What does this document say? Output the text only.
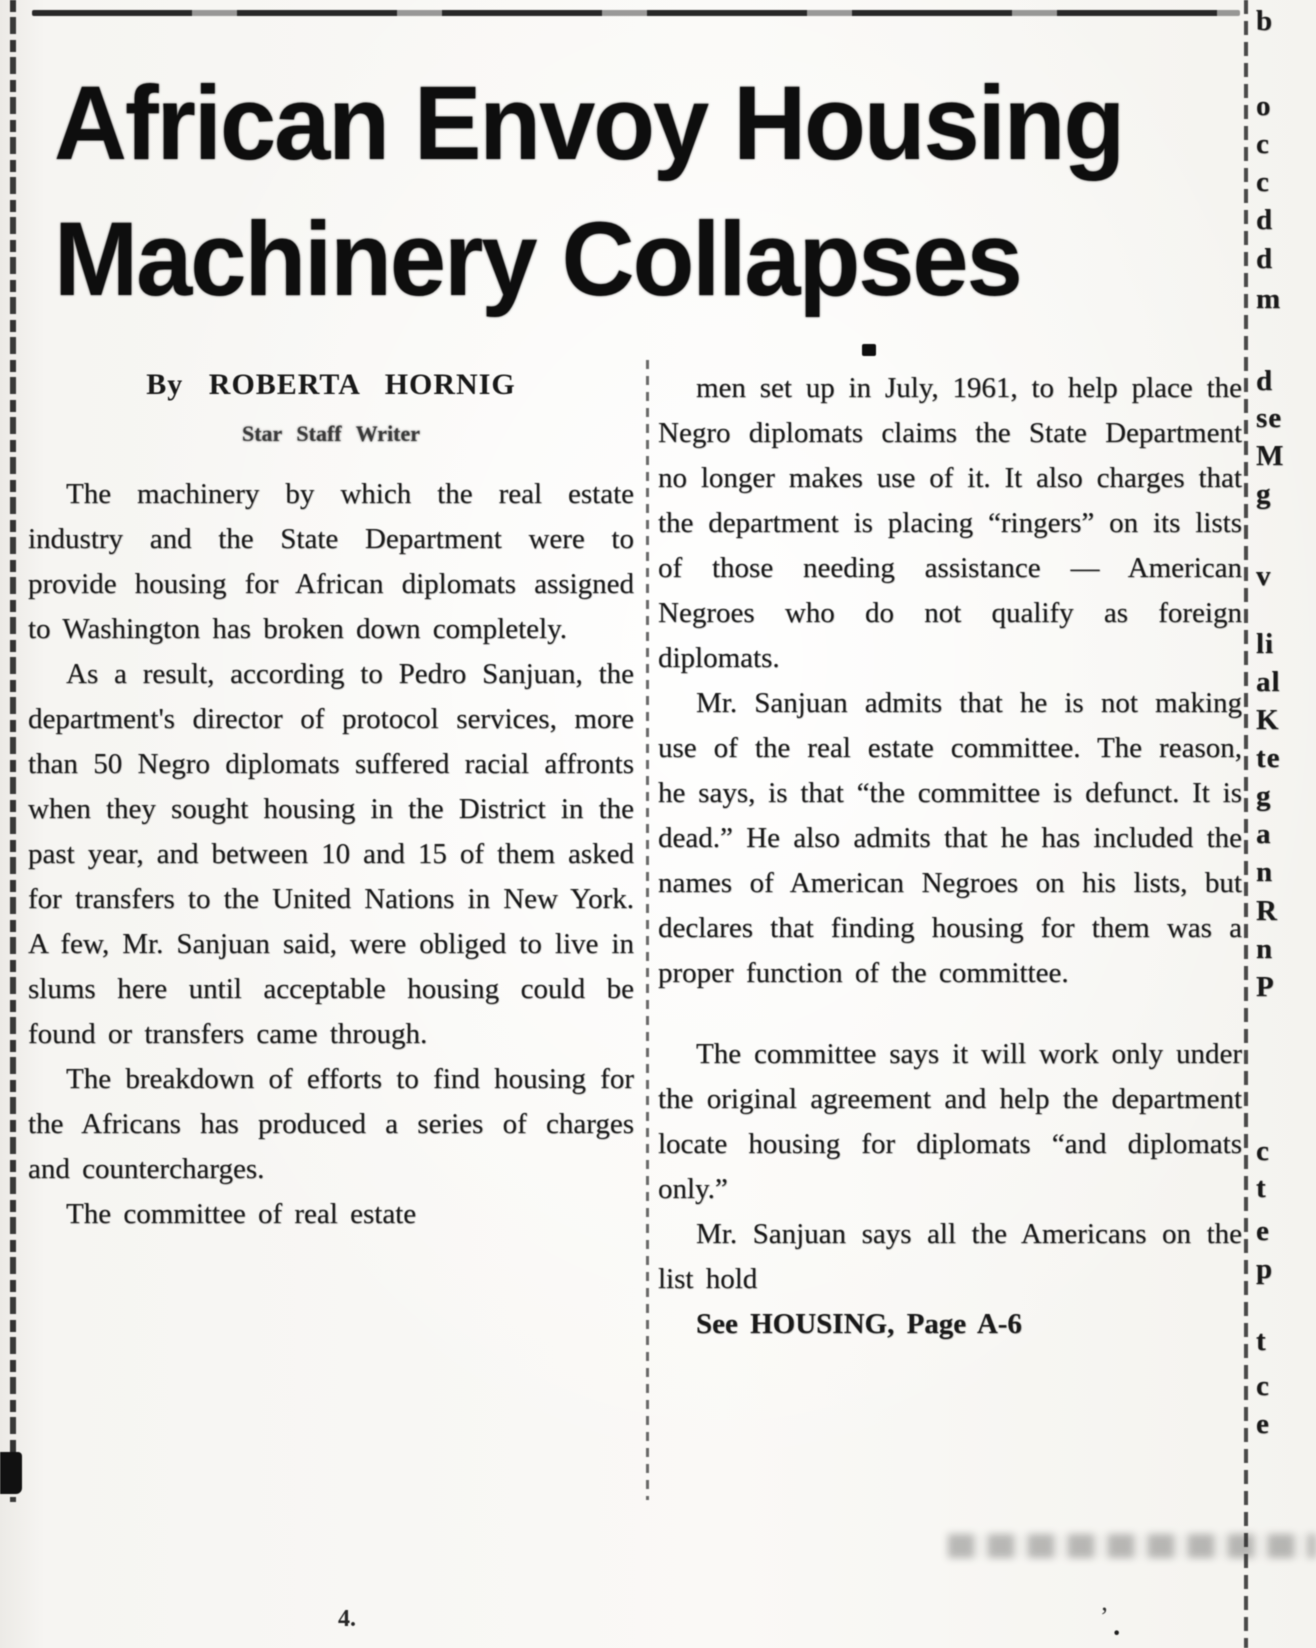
African Envoy Housing
Machinery Collapses
By ROBERTA HORNIG
Star Staff Writer

The machinery by which the real estate industry and the State Department were to provide housing for African diplomats assigned to Washington has broken down completely.

As a result, according to Pedro Sanjuan, the department's director of protocol services, more than 50 Negro diplomats suffered racial affronts when they sought housing in the District in the past year, and between 10 and 15 of them asked for transfers to the United Nations in New York. A few, Mr. Sanjuan said, were obliged to live in slums here until acceptable housing could be found or transfers came through.

The breakdown of efforts to find housing for the Africans has produced a series of charges and countercharges.

The committee of real estate

men set up in July, 1961, to help place the Negro diplomats claims the State Department no longer makes use of it. It also charges that the department is placing “ringers” on its lists of those needing assistance — American Negroes who do not qualify as foreign diplomats.

Mr. Sanjuan admits that he is not making use of the real estate committee. The reason, he says, is that “the committee is defunct. It is dead.” He also admits that he has included the names of American Negroes on his lists, but declares that finding housing for them was a proper function of the committee.

The committee says it will work only under the original agreement and help the department locate housing for diplomats “and diplomats only.”

Mr. Sanjuan says all the Americans on the list hold

See HOUSING, Page A-6

b
o
c
c
d
d
m
d
se
M
g
v
li
al
K
te
g
a
n
R
n
P
c
t
e
p
t
c
e
4.	’
·
